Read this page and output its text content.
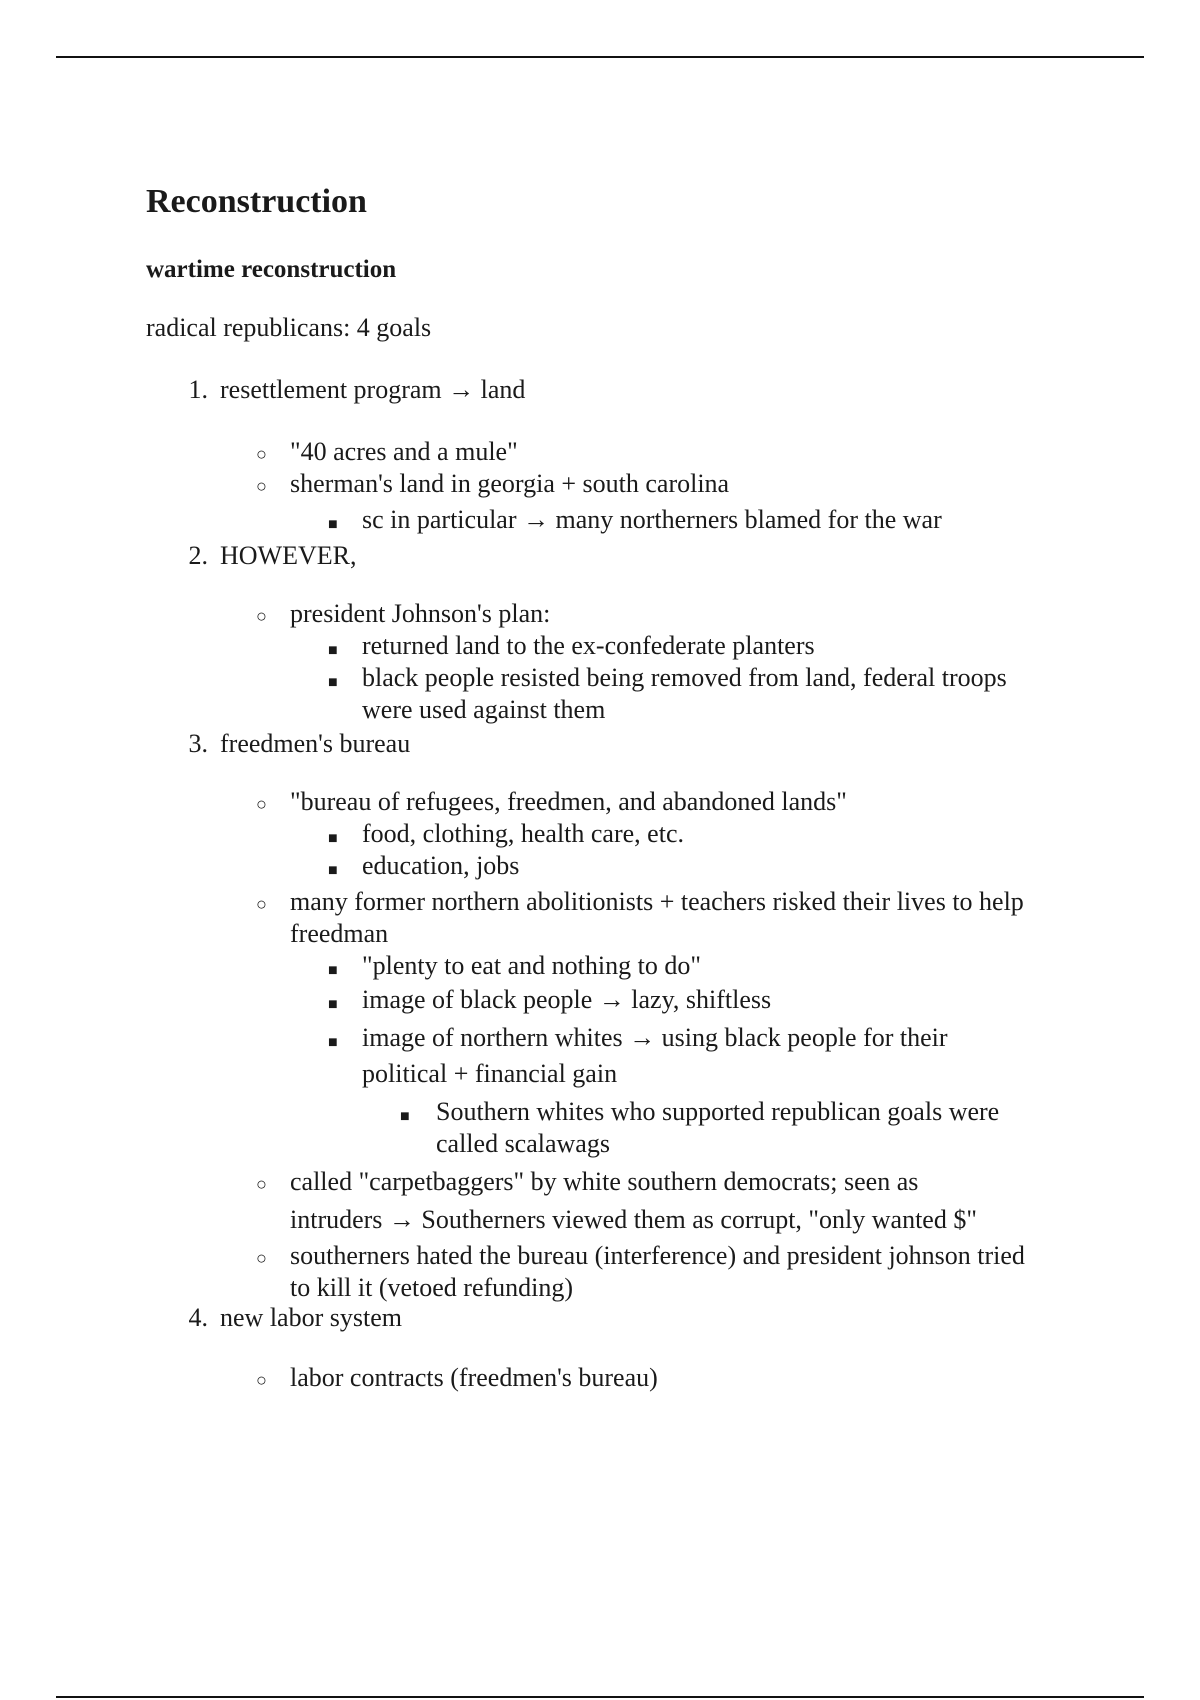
Reconstruction
wartime reconstruction
radical republicans: 4 goals
1. resettlement program → land
2. HOWEVER,
3. freedmen's bureau
4. new labor system
○ "40 acres and a mule"
○ sherman's land in georgia + south carolina
○ president Johnson's plan:
○ "bureau of refugees, freedmen, and abandoned lands"
○ many former northern abolitionists + teachers risked their lives to help
freedman
○ called "carpetbaggers" by white southern democrats; seen as
intruders → Southerners viewed them as corrupt, "only wanted $"
○ southerners hated the bureau (interference) and president johnson tried
to kill it (vetoed refunding)
○ labor contracts (freedmen's bureau)
■ sc in particular → many northerners blamed for the war
■ returned land to the ex-confederate planters
■ black people resisted being removed from land, federal troops
were used against them
■ food, clothing, health care, etc.
■ education, jobs
■ "plenty to eat and nothing to do"
■ image of black people → lazy, shiftless
■ image of northern whites → using black people for their
political + financial gain
■ Southern whites who supported republican goals were
called scalawags
